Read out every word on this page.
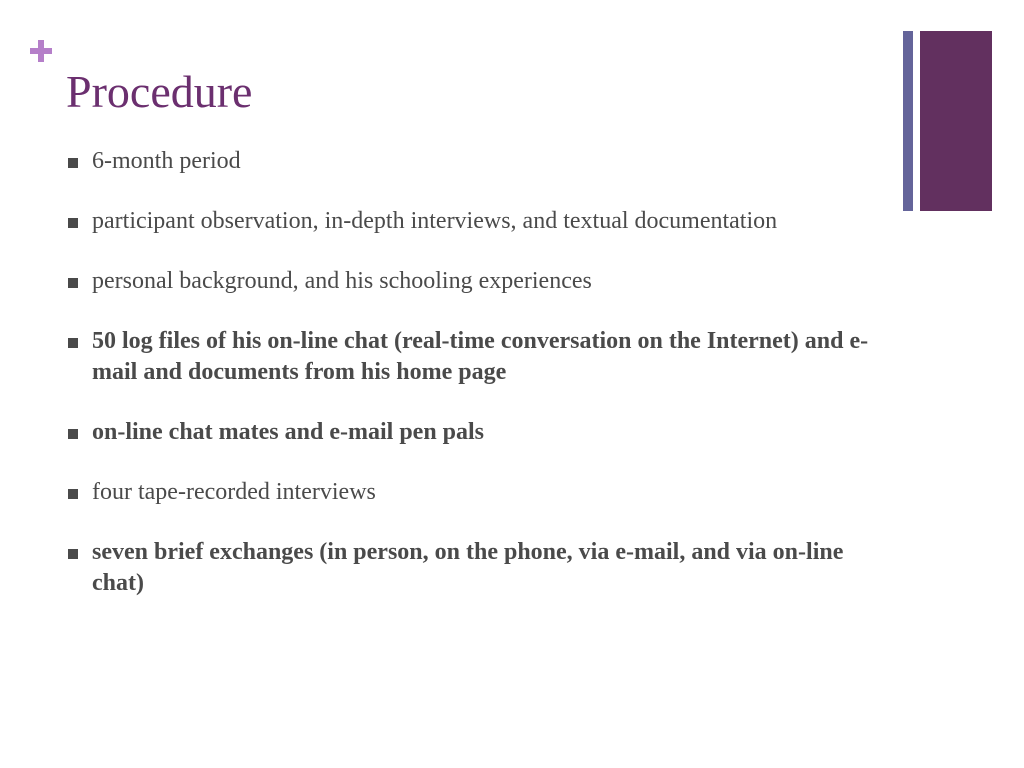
Procedure
6-month period
participant observation, in-depth interviews, and textual documentation
personal background, and his schooling experiences
50 log files of his on-line chat (real-time conversation on the Internet) and e-mail and documents from his home page
on-line chat mates and e-mail pen pals
four tape-recorded interviews
seven brief exchanges (in person, on the phone, via e-mail, and via on-line chat)
